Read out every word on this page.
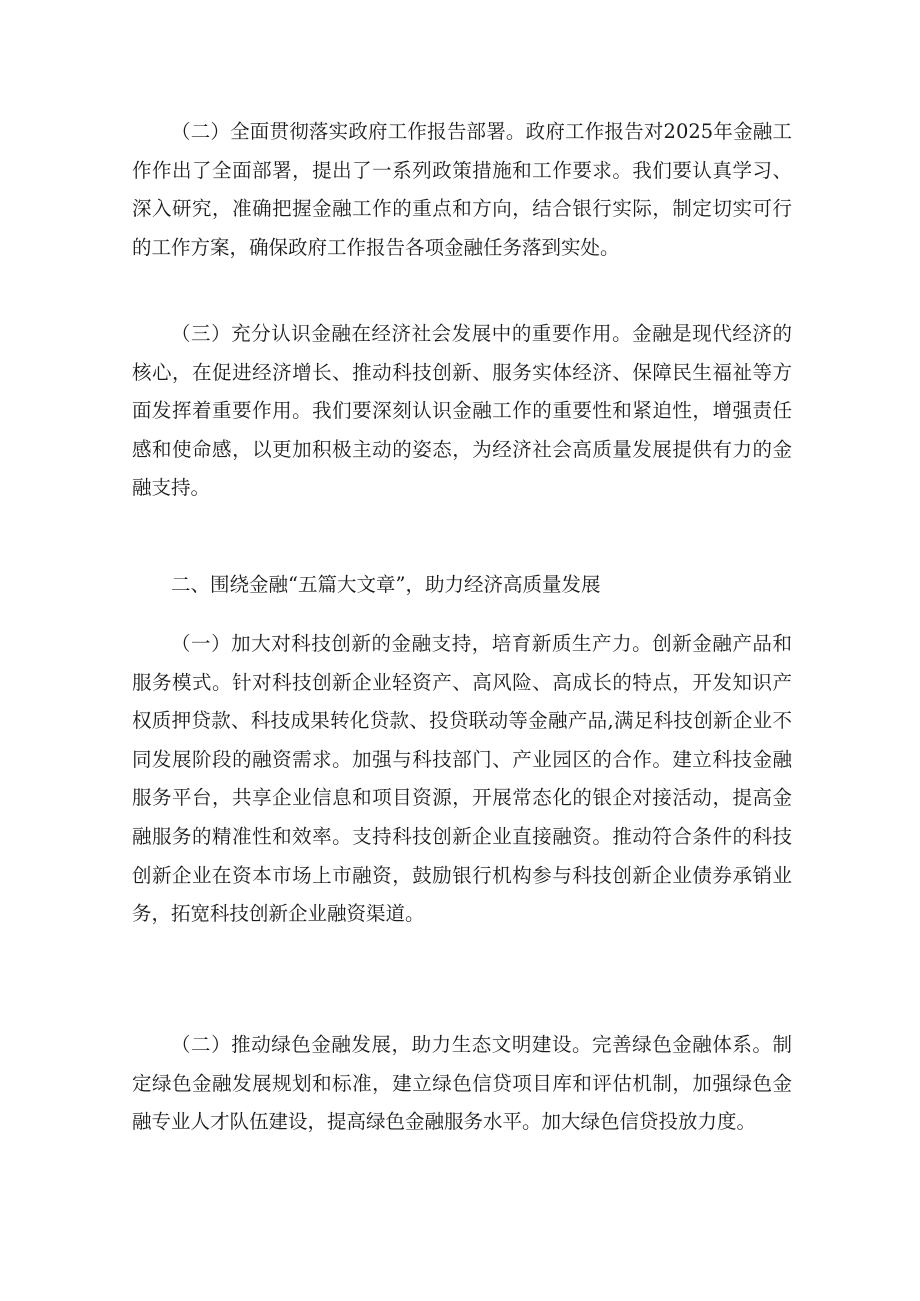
（二）全面贯彻落实政府工作报告部署。政府工作报告对2025年金融工作作出了全面部署，提出了一系列政策措施和工作要求。我们要认真学习、深入研究，准确把握金融工作的重点和方向，结合银行实际，制定切实可行的工作方案，确保政府工作报告各项金融任务落到实处。

（三）充分认识金融在经济社会发展中的重要作用。金融是现代经济的核心，在促进经济增长、推动科技创新、服务实体经济、保障民生福祉等方面发挥着重要作用。我们要深刻认识金融工作的重要性和紧迫性，增强责任感和使命感，以更加积极主动的姿态，为经济社会高质量发展提供有力的金融支持。

二、围绕金融“五篇大文章”，助力经济高质量发展

（一）加大对科技创新的金融支持，培育新质生产力。创新金融产品和服务模式。针对科技创新企业轻资产、高风险、高成长的特点，开发知识产权质押贷款、科技成果转化贷款、投贷联动等金融产品,满足科技创新企业不同发展阶段的融资需求。加强与科技部门、产业园区的合作。建立科技金融服务平台，共享企业信息和项目资源，开展常态化的银企对接活动，提高金融服务的精准性和效率。支持科技创新企业直接融资。推动符合条件的科技创新企业在资本市场上市融资，鼓励银行机构参与科技创新企业债券承销业务，拓宽科技创新企业融资渠道。

（二）推动绿色金融发展，助力生态文明建设。完善绿色金融体系。制定绿色金融发展规划和标准，建立绿色信贷项目库和评估机制，加强绿色金融专业人才队伍建设，提高绿色金融服务水平。加大绿色信贷投放力度。
